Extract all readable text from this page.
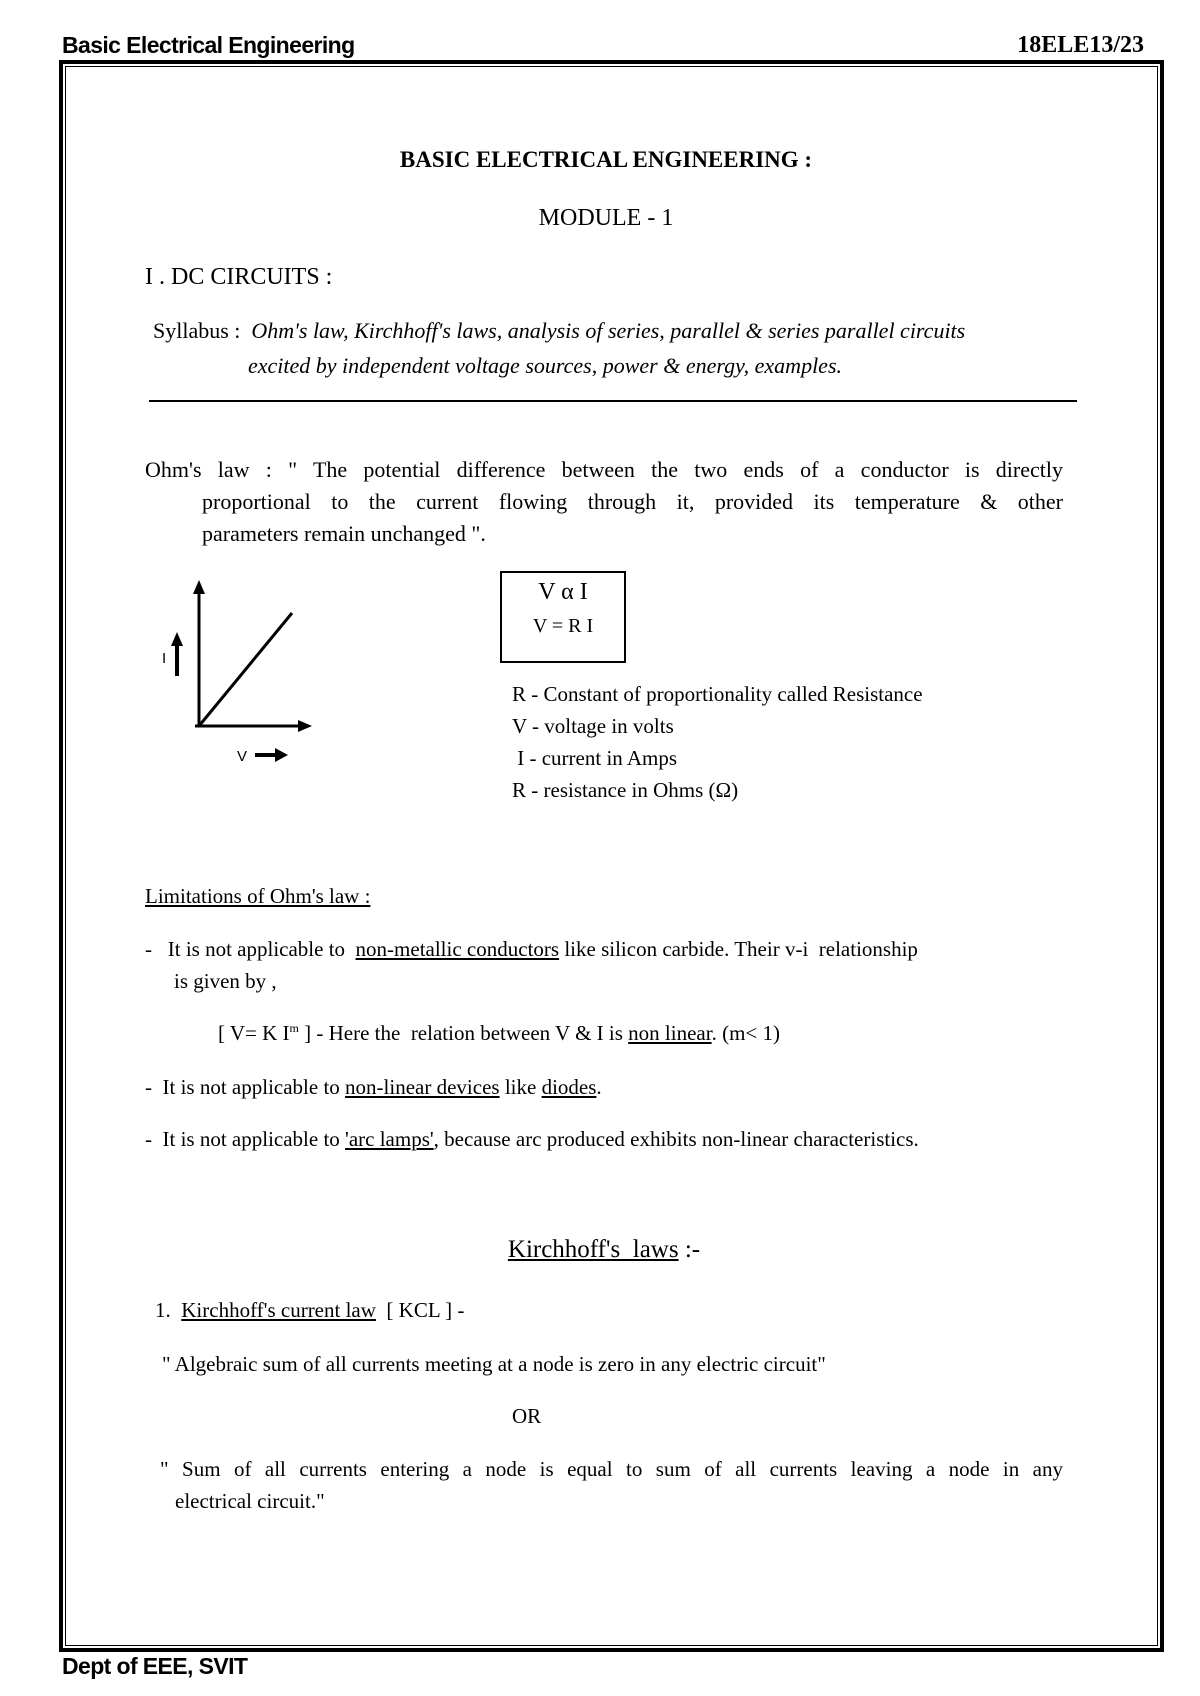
Basic Electrical Engineering	18ELE13/23
BASIC ELECTRICAL ENGINEERING :
MODULE - 1
I . DC CIRCUITS :
Syllabus : Ohm's law, Kirchhoff's laws, analysis of series, parallel & series parallel circuits
excited by independent voltage sources, power & energy, examples.
Ohm's law : " The potential difference between the two ends of a conductor is directly
proportional to the current flowing through it, provided its temperature & other
parameters remain unchanged ".
I
V
V α I
V = R I
R - Constant of proportionality called Resistance
V - voltage in volts
I - current in Amps
R - resistance in Ohms (Ω)
Limitations of Ohm's law :
-   It is not applicable to  non-metallic conductors like silicon carbide. Their v-i  relationship
is given by ,
[ V= K $I^m$ ] - Here the  relation between V & I is non linear. (m< 1)
-  It is not applicable to non-linear devices like diodes.
-  It is not applicable to 'arc lamps', because arc produced exhibits non-linear characteristics.
Kirchhoff's  laws :-
1.  Kirchhoff's current law  [ KCL ] -
" Algebraic sum of all currents meeting at a node is zero in any electric circuit"
OR
" Sum of all currents entering a node is equal to sum of all currents leaving a node in any
electrical circuit."
Dept of EEE, SVIT
